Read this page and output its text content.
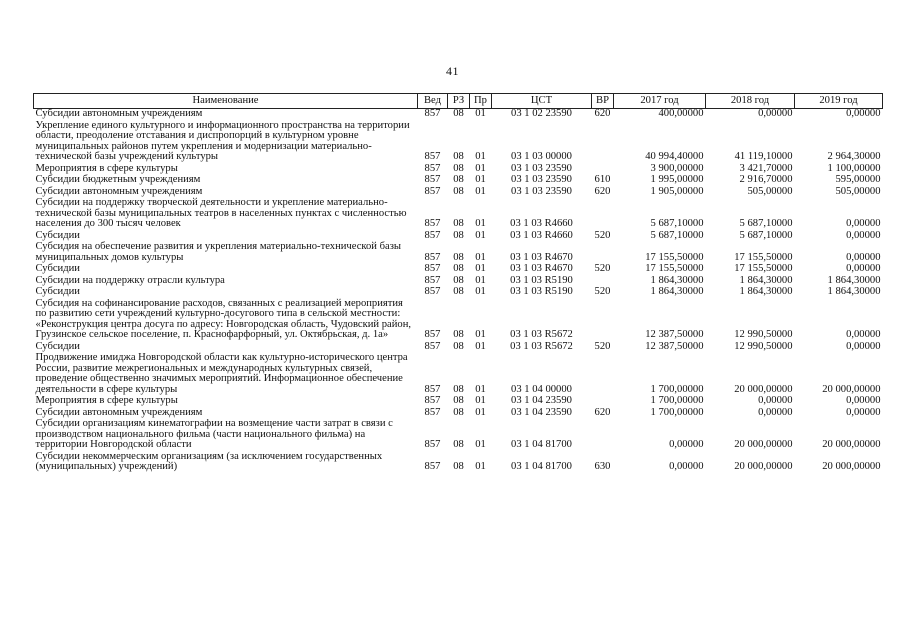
41
Наименование	Вед	РЗ	Пр	ЦСТ	ВР	2017 год	2018 год	2019 год
Субсидии автономным учреждениям	857	08	01	03 1 02 23590	620	400,00000	0,00000	0,00000
Укрепление единого культурного и информационного пространства на территории области, преодоление отставания и диспропорций в культурном уровне муниципальных районов путем укрепления и модернизации материально-технической базы учреждений культуры	857	08	01	03 1 03 00000		40 994,40000	41 119,10000	2 964,30000
Мероприятия в сфере культуры	857	08	01	03 1 03 23590		3 900,00000	3 421,70000	1 100,00000
Субсидии бюджетным учреждениям	857	08	01	03 1 03 23590	610	1 995,00000	2 916,70000	595,00000
Субсидии автономным учреждениям	857	08	01	03 1 03 23590	620	1 905,00000	505,00000	505,00000
Субсидии на поддержку творческой деятельности и укрепление материально-технической базы муниципальных театров в населенных пунктах с численностью населения до 300 тысяч человек	857	08	01	03 1 03 R4660		5 687,10000	5 687,10000	0,00000
Субсидии	857	08	01	03 1 03 R4660	520	5 687,10000	5 687,10000	0,00000
Субсидия на обеспечение развития и укрепления материально-технической базы муниципальных домов культуры	857	08	01	03 1 03 R4670		17 155,50000	17 155,50000	0,00000
Субсидии	857	08	01	03 1 03 R4670	520	17 155,50000	17 155,50000	0,00000
Субсидии на поддержку отрасли культура	857	08	01	03 1 03 R5190		1 864,30000	1 864,30000	1 864,30000
Субсидии	857	08	01	03 1 03 R5190	520	1 864,30000	1 864,30000	1 864,30000
Субсидия на софинансирование расходов, связанных с реализацией мероприятия по развитию сети учреждений культурно-досугового типа в сельской местности: «Реконструкция центра досуга по адресу: Новгородская область, Чудовский район, Грузинское сельское поселение, п. Краснофарфорный, ул. Октябрьская, д. 1а»	857	08	01	03 1 03 R5672		12 387,50000	12 990,50000	0,00000
Субсидии	857	08	01	03 1 03 R5672	520	12 387,50000	12 990,50000	0,00000
Продвижение имиджа Новгородской области как культурно-исторического центра России, развитие межрегиональных и международных культурных связей, проведение общественно значимых мероприятий. Информационное обеспечение деятельности в сфере культуры	857	08	01	03 1 04 00000		1 700,00000	20 000,00000	20 000,00000
Мероприятия в сфере культуры	857	08	01	03 1 04 23590		1 700,00000	0,00000	0,00000
Субсидии автономным учреждениям	857	08	01	03 1 04 23590	620	1 700,00000	0,00000	0,00000
Субсидии организациям кинематографии на возмещение части затрат в связи с производством национального фильма (части национального фильма) на территории Новгородской области	857	08	01	03 1 04 81700		0,00000	20 000,00000	20 000,00000
Субсидии некоммерческим организациям (за исключением государственных (муниципальных) учреждений)	857	08	01	03 1 04 81700	630	0,00000	20 000,00000	20 000,00000
